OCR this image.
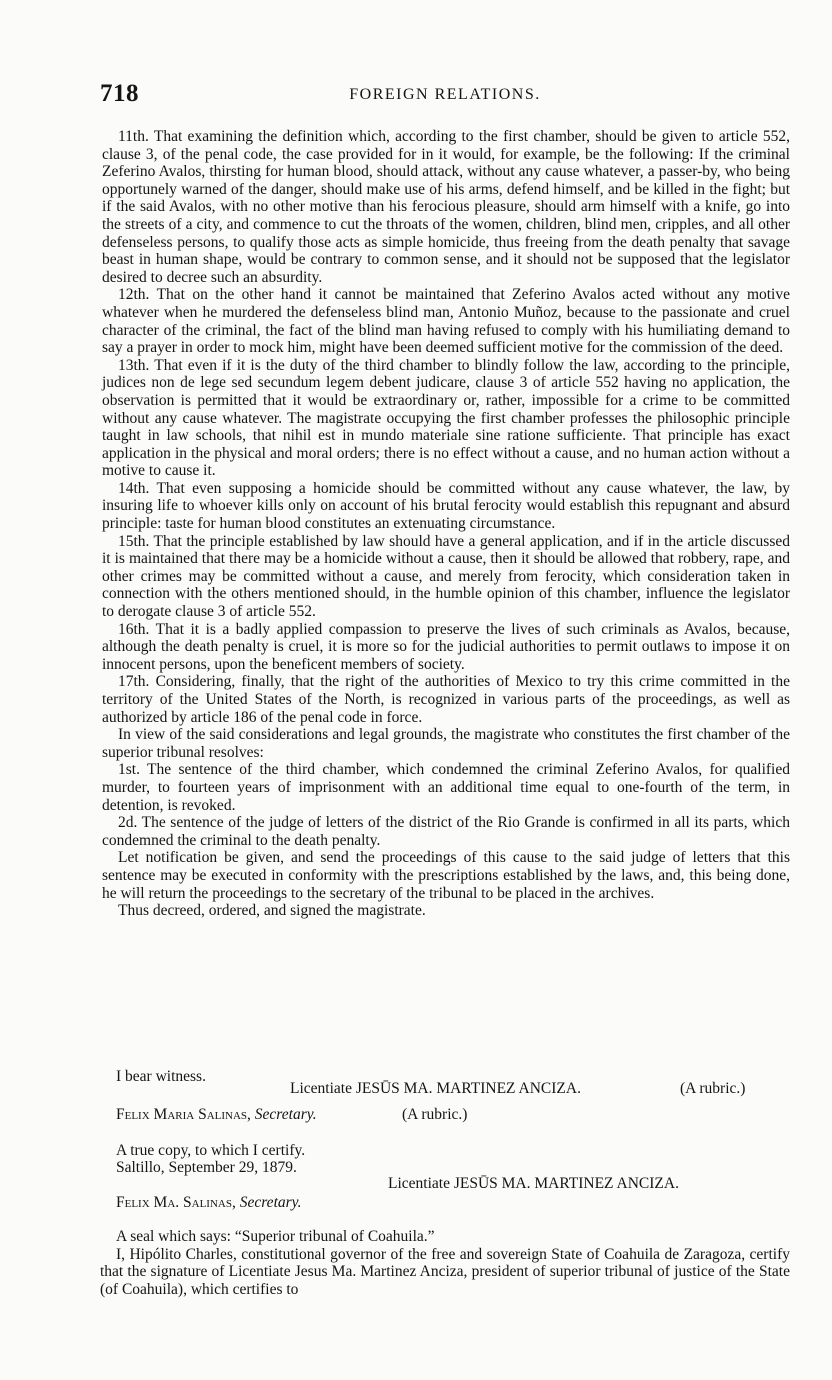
718	FOREIGN RELATIONS.

11th. That examining the definition which, according to the first chamber, should be given to article 552, clause 3, of the penal code, the case provided for in it would, for example, be the following: If the criminal Zeferino Avalos, thirsting for human blood, should attack, without any cause whatever, a passer-by, who being opportunely warned of the danger, should make use of his arms, defend himself, and be killed in the fight; but if the said Avalos, with no other motive than his ferocious pleasure, should arm himself with a knife, go into the streets of a city, and commence to cut the throats of the women, children, blind men, cripples, and all other defenseless persons, to qualify those acts as simple homicide, thus freeing from the death penalty that savage beast in human shape, would be contrary to common sense, and it should not be supposed that the legislator desired to decree such an absurdity.

12th. That on the other hand it cannot be maintained that Zeferino Avalos acted without any motive whatever when he murdered the defenseless blind man, Antonio Muñoz, because to the passionate and cruel character of the criminal, the fact of the blind man having refused to comply with his humiliating demand to say a prayer in order to mock him, might have been deemed sufficient motive for the commission of the deed.

13th. That even if it is the duty of the third chamber to blindly follow the law, according to the principle, judices non de lege sed secundum legem debent judicare, clause 3 of article 552 having no application, the observation is permitted that it would be extraordinary or, rather, impossible for a crime to be committed without any cause whatever. The magistrate occupying the first chamber professes the philosophic principle taught in law schools, that nihil est in mundo materiale sine ratione sufficiente. That principle has exact application in the physical and moral orders; there is no effect without a cause, and no human action without a motive to cause it.

14th. That even supposing a homicide should be committed without any cause whatever, the law, by insuring life to whoever kills only on account of his brutal ferocity would establish this repugnant and absurd principle: taste for human blood constitutes an extenuating circumstance.

15th. That the principle established by law should have a general application, and if in the article discussed it is maintained that there may be a homicide without a cause, then it should be allowed that robbery, rape, and other crimes may be committed without a cause, and merely from ferocity, which consideration taken in connection with the others mentioned should, in the humble opinion of this chamber, influence the legislator to derogate clause 3 of article 552.

16th. That it is a badly applied compassion to preserve the lives of such criminals as Avalos, because, although the death penalty is cruel, it is more so for the judicial authorities to permit outlaws to impose it on innocent persons, upon the beneficent members of society.

17th. Considering, finally, that the right of the authorities of Mexico to try this crime committed in the territory of the United States of the North, is recognized in various parts of the proceedings, as well as authorized by article 186 of the penal code in force.

In view of the said considerations and legal grounds, the magistrate who constitutes the first chamber of the superior tribunal resolves:

1st. The sentence of the third chamber, which condemned the criminal Zeferino Avalos, for qualified murder, to fourteen years of imprisonment with an additional time equal to one-fourth of the term, in detention, is revoked.

2d. The sentence of the judge of letters of the district of the Rio Grande is confirmed in all its parts, which condemned the criminal to the death penalty.

Let notification be given, and send the proceedings of this cause to the said judge of letters that this sentence may be executed in conformity with the prescriptions established by the laws, and, this being done, he will return the proceedings to the secretary of the tribunal to be placed in the archives.

Thus decreed, ordered, and signed the magistrate.

I bear witness.
Licentiate JESŪS MA. MARTINEZ ANCIZA.	(A rubric.)
Felix Maria Salinas, Secretary.	(A rubric.)
A true copy, to which I certify.
Saltillo, September 29, 1879.
Licentiate JESŪS MA. MARTINEZ ANCIZA.
Felix Ma. Salinas, Secretary.

A seal which says: “Superior tribunal of Coahuila.”

I, Hipólito Charles, constitutional governor of the free and sovereign State of Coahuila de Zaragoza, certify that the signature of Licentiate Jesus Ma. Martinez Anciza, president of superior tribunal of justice of the State (of Coahuila), which certifies to
